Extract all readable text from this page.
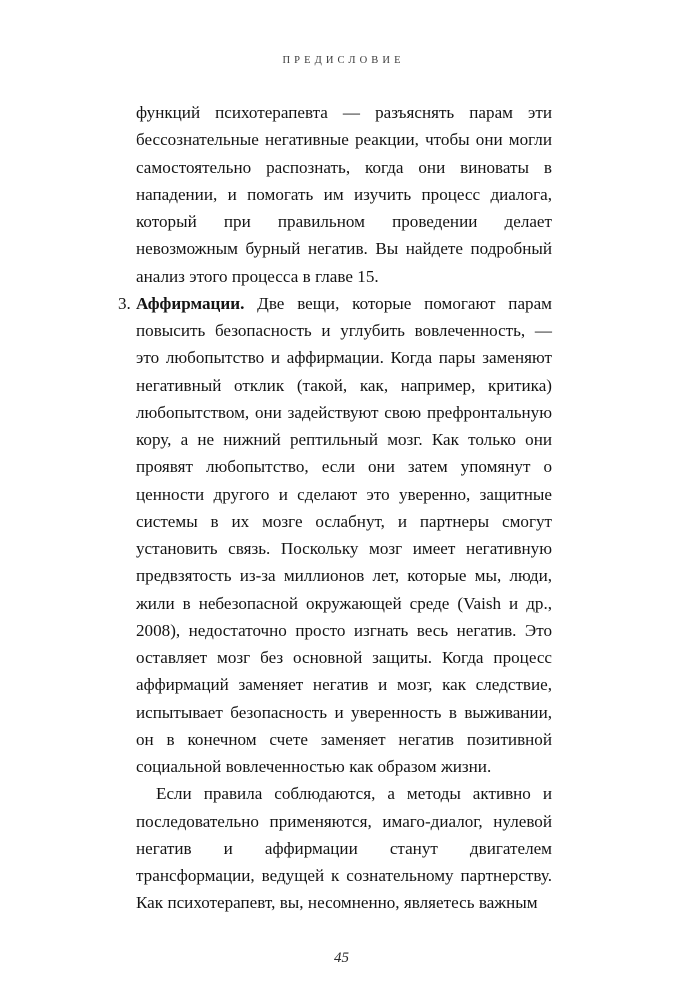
ПРЕДИСЛОВИЕ

функций психотерапевта — разъяснять парам эти бессознательные негативные реакции, чтобы они могли самостоятельно распознать, когда они виноваты в нападении, и помогать им изучить процесс диалога, который при правильном проведении делает невозможным бурный негатив. Вы найдете подробный анализ этого процесса в главе 15.

3. Аффирмации. Две вещи, которые помогают парам повысить безопасность и углубить вовлеченность, — это любопытство и аффирмации. Когда пары заменяют негативный отклик (такой, как, например, критика) любопытством, они задействуют свою префронтальную кору, а не нижний рептильный мозг. Как только они проявят любопытство, если они затем упомянут о ценности другого и сделают это уверенно, защитные системы в их мозге ослабнут, и партнеры смогут установить связь. Поскольку мозг имеет негативную предвзятость из-за миллионов лет, которые мы, люди, жили в небезопасной окружающей среде (Vaish и др., 2008), недостаточно просто изгнать весь негатив. Это оставляет мозг без основной защиты. Когда процесс аффирмаций заменяет негатив и мозг, как следствие, испытывает безопасность и уверенность в выживании, он в конечном счете заменяет негатив позитивной социальной вовлеченностью как образом жизни.

Если правила соблюдаются, а методы активно и последовательно применяются, имаго-диалог, нулевой негатив и аффирмации станут двигателем трансформации, ведущей к сознательному партнерству. Как психотерапевт, вы, несомненно, являетесь важным

45
